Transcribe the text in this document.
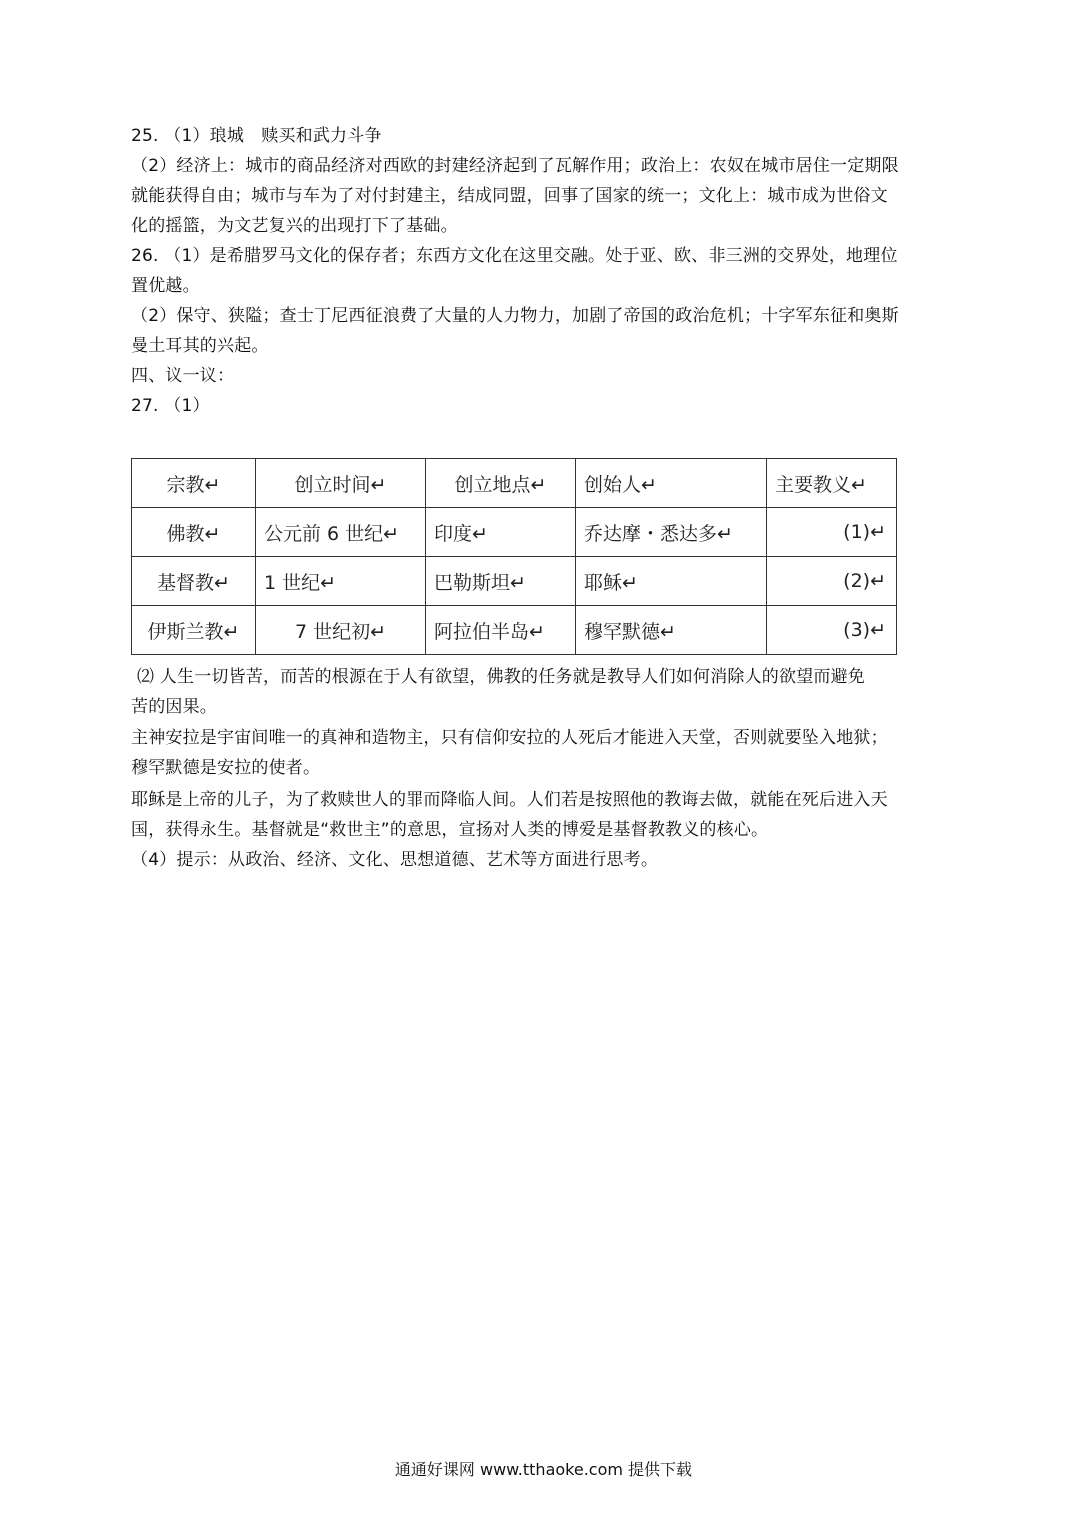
25. （1）琅城　赎买和武力斗争
（2）经济上：城市的商品经济对西欧的封建经济起到了瓦解作用；政治上：农奴在城市居住一定期限
就能获得自由；城市与车为了对付封建主，结成同盟，回事了国家的统一；文化上：城市成为世俗文
化的摇篮，为文艺复兴的出现打下了基础。
26. （1）是希腊罗马文化的保存者；东西方文化在这里交融。处于亚、欧、非三洲的交界处，地理位
置优越。
（2）保守、狭隘；查士丁尼西征浪费了大量的人力物力，加剧了帝国的政治危机；十字军东征和奥斯
曼土耳其的兴起。
四、议一议：
27. （1）
宗教↵	创立时间↵	创立地点↵	创始人↵	主要教义↵
佛教↵	公元前 6 世纪↵	印度↵	乔达摩・悉达多↵	(1)↵
基督教↵	1 世纪↵	巴勒斯坦↵	耶稣↵	(2)↵
伊斯兰教↵	7 世纪初↵	阿拉伯半岛↵	穆罕默德↵	(3)↵
⑵ 人生一切皆苦，而苦的根源在于人有欲望，佛教的任务就是教导人们如何消除人的欲望而避免
苦的因果。
主神安拉是宇宙间唯一的真神和造物主，只有信仰安拉的人死后才能进入天堂，否则就要坠入地狱；
穆罕默德是安拉的使者。
耶稣是上帝的儿子，为了救赎世人的罪而降临人间。人们若是按照他的教诲去做，就能在死后进入天
国，获得永生。基督就是“救世主”的意思，宣扬对人类的博爱是基督教教义的核心。
（4）提示：从政治、经济、文化、思想道德、艺术等方面进行思考。
通通好课网 www.tthaoke.com 提供下载
